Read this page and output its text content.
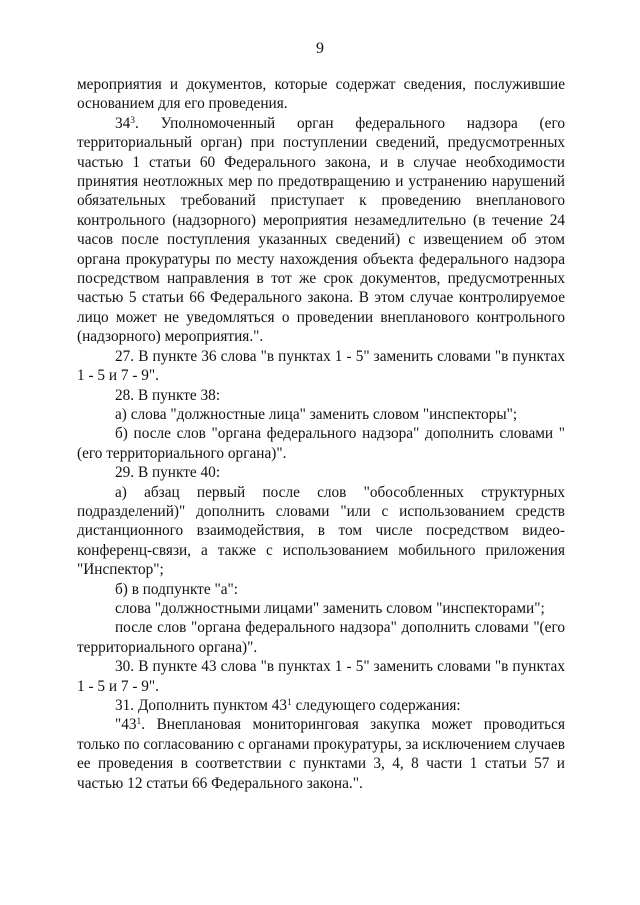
9

мероприятия и документов, которые содержат сведения, послужившие основанием для его проведения.

$34^3$. Уполномоченный орган федерального надзора (его территориальный орган) при поступлении сведений, предусмотренных частью 1 статьи 60 Федерального закона, и в случае необходимости принятия неотложных мер по предотвращению и устранению нарушений обязательных требований приступает к проведению внепланового контрольного (надзорного) мероприятия незамедлительно (в течение 24 часов после поступления указанных сведений) с извещением об этом органа прокуратуры по месту нахождения объекта федерального надзора посредством направления в тот же срок документов, предусмотренных частью 5 статьи 66 Федерального закона. В этом случае контролируемое лицо может не уведомляться о проведении внепланового контрольного (надзорного) мероприятия.".

27. В пункте 36 слова "в пунктах 1 - 5" заменить словами "в пунктах 1 - 5 и 7 - 9".

28. В пункте 38:

а) слова "должностные лица" заменить словом "инспекторы";

б) после слов "органа федерального надзора" дополнить словами "(его территориального органа)".

29. В пункте 40:

а) абзац первый после слов "обособленных структурных подразделений)" дополнить словами "или с использованием средств дистанционного взаимодействия, в том числе посредством видео-конференц-связи, а также с использованием мобильного приложения "Инспектор";

б) в подпункте "а":

слова "должностными лицами" заменить словом "инспекторами";

после слов "органа федерального надзора" дополнить словами "(его территориального органа)".

30. В пункте 43 слова "в пунктах 1 - 5" заменить словами "в пунктах 1 - 5 и 7 - 9".

31. Дополнить пунктом $43^1$ следующего содержания:

"$43^1$. Внеплановая мониторинговая закупка может проводиться только по согласованию с органами прокуратуры, за исключением случаев ее проведения в соответствии с пунктами 3, 4, 8 части 1 статьи 57 и частью 12 статьи 66 Федерального закона.".
